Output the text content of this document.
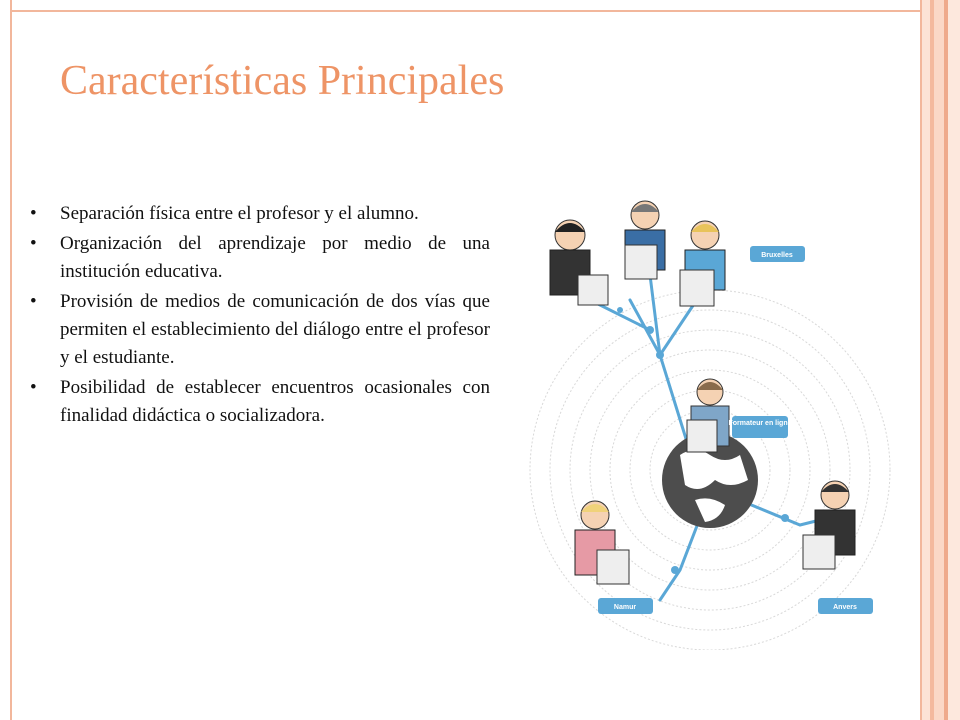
Características Principales
• Separación física entre el profesor y el alumno.
• Organización del aprendizaje por medio de una institución educativa.
• Provisión de medios de comunicación de dos vías que permiten el establecimiento del diálogo entre el profesor y el estudiante.
• Posibilidad de establecer encuentros ocasionales con finalidad didáctica o socializadora.	Formateur en ligne
Bruxelles
Namur	Anvers
